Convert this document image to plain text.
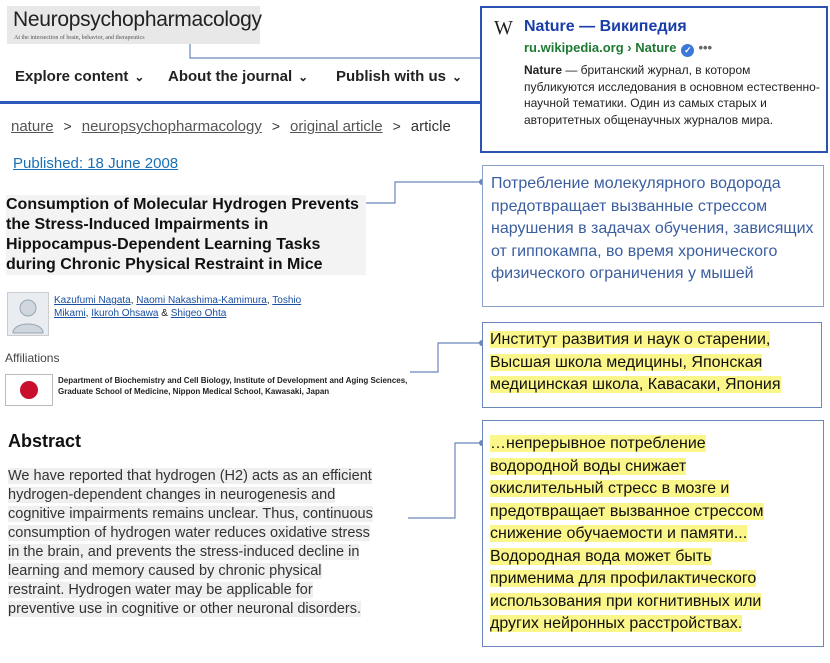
Neuropsychopharmacology
At the intersection of brain, behavior, and therapeutics
Explore content ⌄ About the journal ⌄ Publish with us ⌄
nature > neuropsychopharmacology > original article > article
Published: 18 June 2008
Consumption of Molecular Hydrogen Prevents the Stress-Induced Impairments in Hippocampus-Dependent Learning Tasks during Chronic Physical Restraint in Mice
Kazufumi Nagata, Naomi Nakashima-Kamimura, Toshio Mikami, Ikuroh Ohsawa & Shigeo Ohta
Affiliations
Department of Biochemistry and Cell Biology, Institute of Development and Aging Sciences, Graduate School of Medicine, Nippon Medical School, Kawasaki, Japan
Abstract
We have reported that hydrogen (H2) acts as an efficient
hydrogen-dependent changes in neurogenesis and
cognitive impairments remains unclear. Thus, continuous
consumption of hydrogen water reduces oxidative stress
in the brain, and prevents the stress-induced decline in
learning and memory caused by chronic physical
restraint. Hydrogen water may be applicable for
preventive use in cognitive or other neuronal disorders.
W Nature — Википедия
ru.wikipedia.org › Nature ✓ •••
Nature — британский журнал, в котором публикуются исследования в основном естественно-научной тематики. Один из самых старых и авторитетных общенаучных журналов мира.
Потребление молекулярного водорода предотвращает вызванные стрессом нарушения в задачах обучения, зависящих от гиппокампа, во время хронического физического ограничения у мышей
Институт развития и наук о старении,
Высшая школа медицины, Японская
медицинская школа, Кавасаки, Япония
…непрерывное потребление
водородной воды снижает
окислительный стресс в мозге и
предотвращает вызванное стрессом
снижение обучаемости и памяти...
Водородная вода может быть
применима для профилактического
использования при когнитивных или
других нейронных расстройствах.
